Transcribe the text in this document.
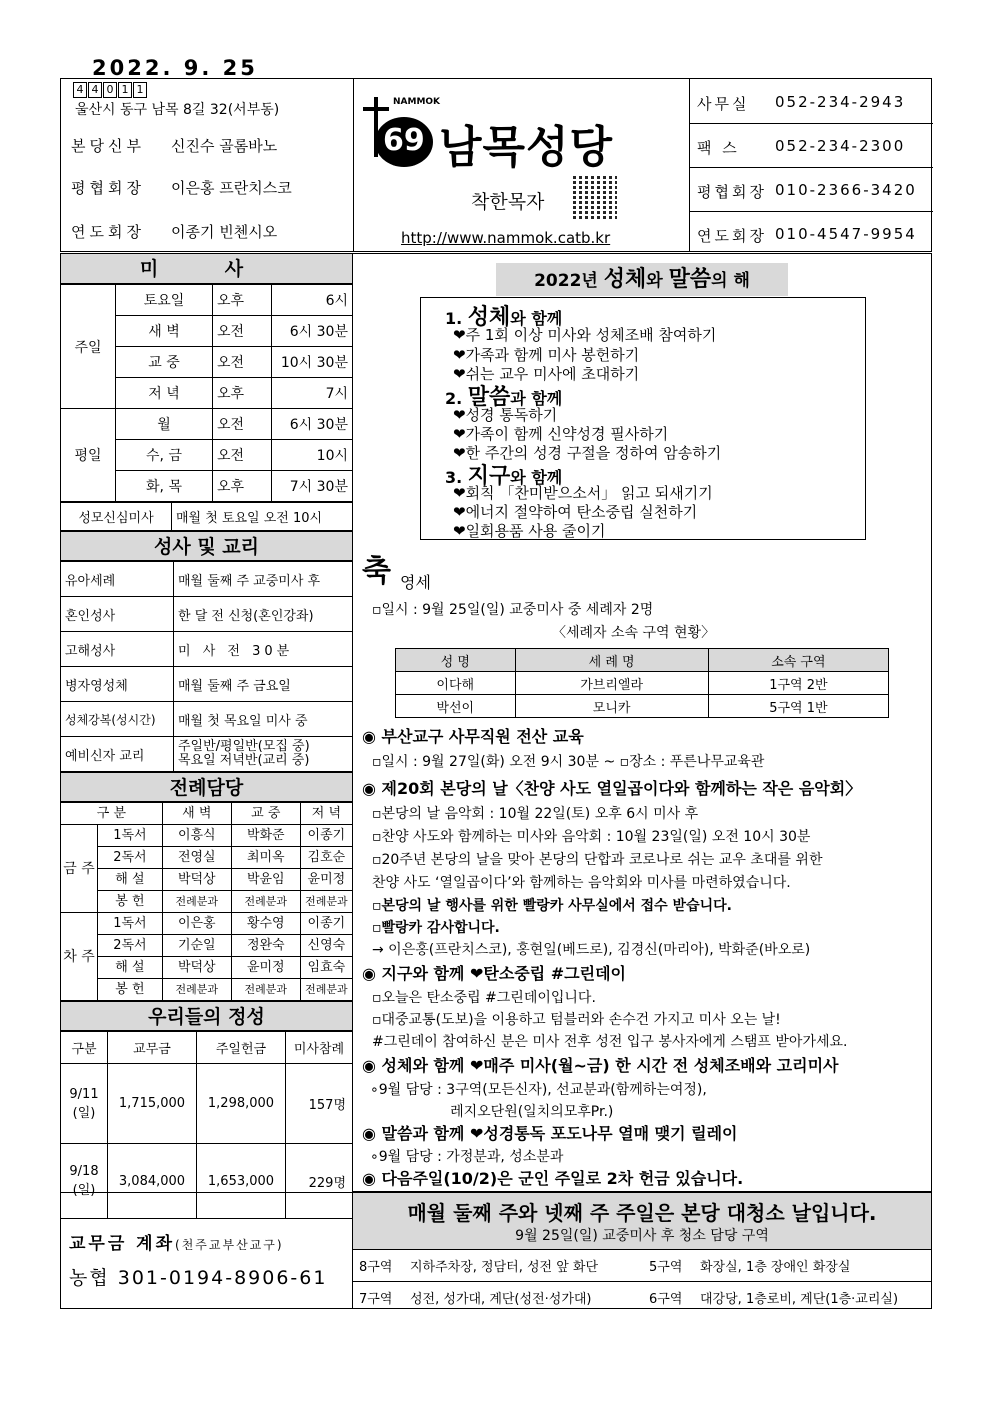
2022. 9. 25
4 4 0 1 1
울산시 동구 남목 8길 32(서부동)
본당신부	신진수 골롬바노
평협회장	이은홍 프란치스코
연도회장	이종기 빈첸시오
NAMMOK
69 남목성당
착한목자
http://www.nammok.catb.kr
사무실	052-234-2943
팩 스	052-234-2300
평협회장 010-2366-3420
연도회장 010-4547-9954
미 사
주일	토요일	오후	6시
	새 벽	오전	6시 30분
	교 중	오전	10시 30분
	저 녁	오후	7시
평일	월	오전	6시 30분
	수, 금	오전	10시
	화, 목	오후	7시 30분
성모신심미사	매월 첫 토요일 오전 10시
성사 및 교리
유아세례	매월 둘째 주 교중미사 후
혼인성사	한 달 전 신청(혼인강좌)
고해성사	미 사 전 30분
병자영성체	매월 둘째 주 금요일
성체강복(성시간)	매월 첫 목요일 미사 중
예비신자 교리	주일반/평일반(모집 중)
목요일 저녁반(교리 중)
전례담당
구 분		새 벽	교 중	저 녁
금 주	1독서	이흥식	박화준	이종기
	2독서	전영실	최미옥	김호순
	해 설	박덕상	박윤임	윤미정
	봉 헌	전례분과	전례분과	전례분과
차 주	1독서	이은홍	황수영	이종기
	2독서	기순일	정완숙	신영숙
	해 설	박덕상	윤미정	임효숙
	봉 헌	전례분과	전례분과	전례분과
우리들의 정성
구분	교무금	주일헌금	미사참례

9/11
(일)	1,715,000	1,298,000	157명

9/18
(일)	3,084,000	1,653,000	229명
2022년 성체와 말씀의 해
1. 성체와 함께
❤주 1회 이상 미사와 성체조배 참여하기
❤가족과 함께 미사 봉헌하기
❤쉬는 교우 미사에 초대하기
2. 말씀과 함께
❤성경 통독하기
❤가족이 함께 신약성경 필사하기
❤한 주간의 성경 구절을 정하여 암송하기
3. 지구와 함께
❤회칙 「찬미받으소서」 읽고 되새기기
❤에너지 절약하여 탄소중립 실천하기
❤일회용품 사용 줄이기
축 영세
▫일시 : 9월 25일(일) 교중미사 중 세례자 2명
〈세례자 소속 구역 현황〉
성 명	세 례 명	소속 구역
이다해	가브리엘라	1구역 2반
박선이	모니카	5구역 1반
◉ 부산교구 사무직원 전산 교육
▫일시 : 9월 27일(화) 오전 9시 30분 ~ ▫장소 : 푸른나무교육관
◉ 제20회 본당의 날〈찬양 사도 열일곱이다와 함께하는 작은 음악회〉
▫본당의 날 음악회 : 10월 22일(토) 오후 6시 미사 후
▫찬양 사도와 함께하는 미사와 음악회 : 10월 23일(일) 오전 10시 30분
▫20주년 본당의 날을 맞아 본당의 단합과 코로나로 쉬는 교우 초대를 위한
찬양 사도 ‘열일곱이다’와 함께하는 음악회와 미사를 마련하였습니다.
▫본당의 날 행사를 위한 빨랑카 사무실에서 접수 받습니다.
▫빨랑카 감사합니다.
→ 이은홍(프란치스코), 홍현일(베드로), 김경신(마리아), 박화준(바오로)
◉ 지구와 함께 ❤탄소중립 #그린데이
▫오늘은 탄소중립 #그린데이입니다.
▫대중교통(도보)을 이용하고 텀블러와 손수건 가지고 미사 오는 날!
#그린데이 참여하신 분은 미사 전후 성전 입구 봉사자에게 스탬프 받아가세요.
◉ 성체와 함께 ❤매주 미사(월~금) 한 시간 전 성체조배와 고리미사
∘9월 담당 : 3구역(모든신자), 선교분과(함께하는여정),
레지오단원(일치의모후Pr.)
◉ 말씀과 함께 ❤성경통독 포도나무 열매 맺기 릴레이
∘9월 담당 : 가정분과, 성소분과
◉ 다음주일(10/2)은 군인 주일로 2차 헌금 있습니다.
교무금 계좌(천주교부산교구)
농협 301-0194-8906-61
매월 둘째 주와 넷째 주 주일은 본당 대청소 날입니다.
9월 25일(일) 교중미사 후 청소 담당 구역
8구역	지하주차장, 정담터, 성전 앞 화단	5구역	화장실, 1층 장애인 화장실
7구역	성전, 성가대, 계단(성전·성가대)	6구역	대강당, 1층로비, 계단(1층·교리실)
